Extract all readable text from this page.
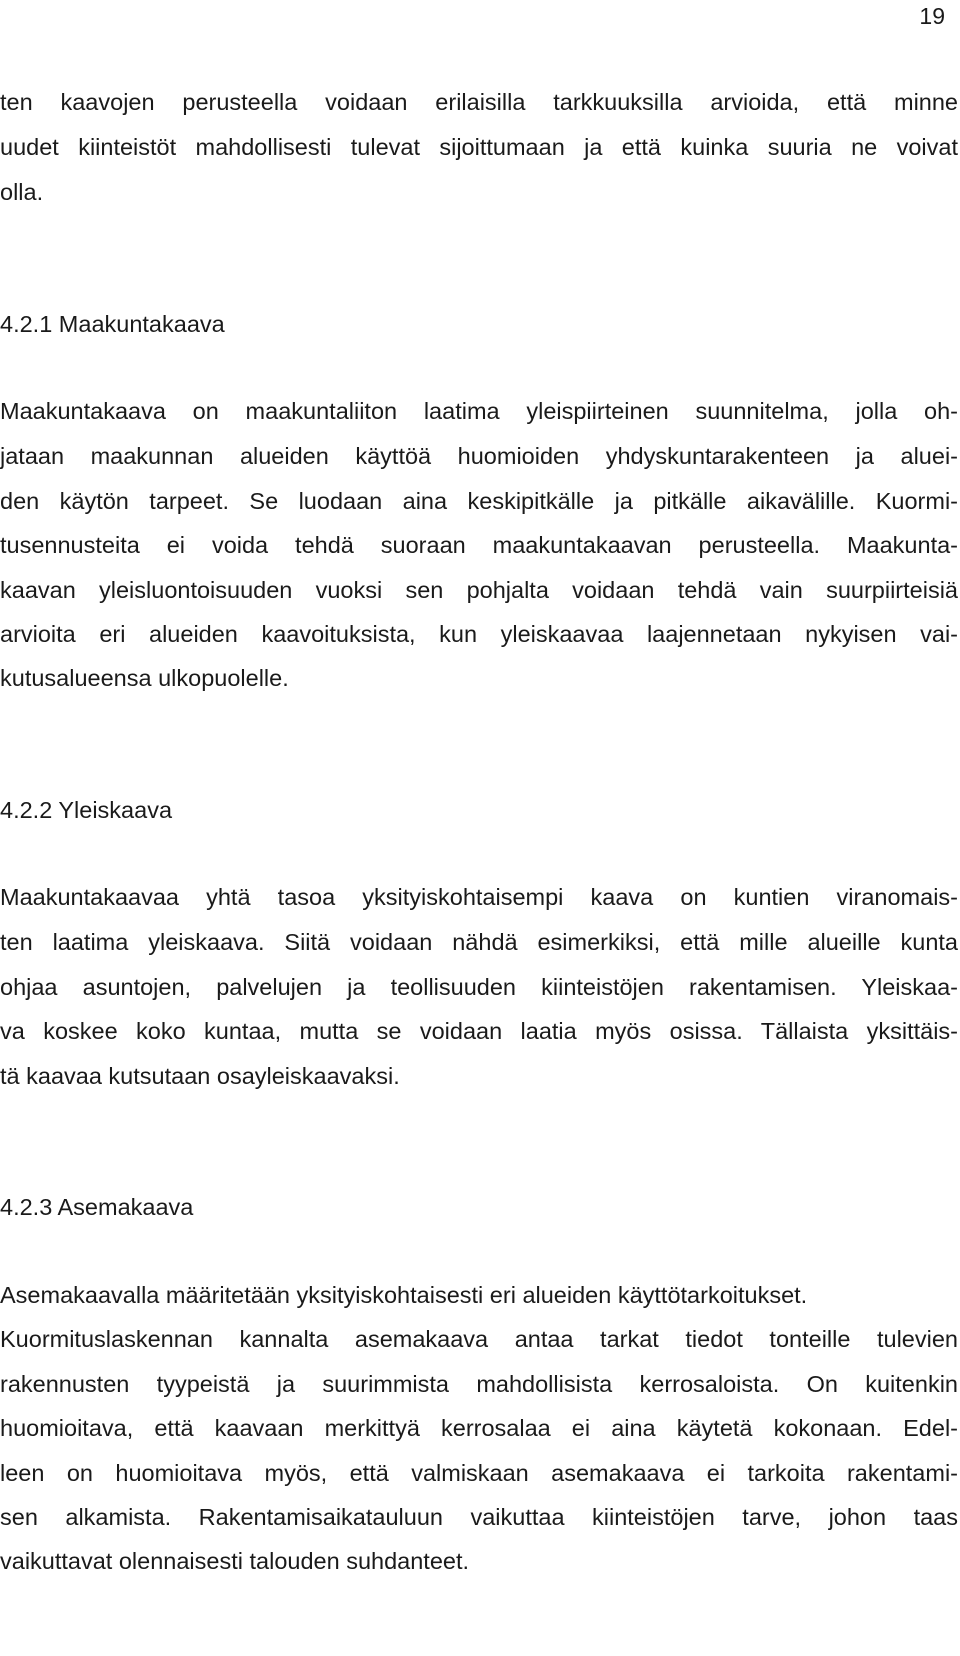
19
ten kaavojen perusteella voidaan erilaisilla tarkkuuksilla arvioida, että minne
uudet kiinteistöt mahdollisesti tulevat sijoittumaan ja että kuinka suuria ne voivat
olla.
4.2.1 Maakuntakaava
Maakuntakaava on maakuntaliiton laatima yleispiirteinen suunnitelma, jolla oh-
jataan maakunnan alueiden käyttöä huomioiden yhdyskuntarakenteen ja aluei-
den käytön tarpeet. Se luodaan aina keskipitkälle ja pitkälle aikavälille. Kuormi-
tusennusteita ei voida tehdä suoraan maakuntakaavan perusteella. Maakunta-
kaavan yleisluontoisuuden vuoksi sen pohjalta voidaan tehdä vain suurpiirteisiä
arvioita eri alueiden kaavoituksista, kun yleiskaavaa laajennetaan nykyisen vai-
kutusalueensa ulkopuolelle.
4.2.2 Yleiskaava
Maakuntakaavaa yhtä tasoa yksityiskohtaisempi kaava on kuntien viranomais-
ten laatima yleiskaava. Siitä voidaan nähdä esimerkiksi, että mille alueille kunta
ohjaa asuntojen, palvelujen ja teollisuuden kiinteistöjen rakentamisen. Yleiskaa-
va koskee koko kuntaa, mutta se voidaan laatia myös osissa. Tällaista yksittäis-
tä kaavaa kutsutaan osayleiskaavaksi.
4.2.3 Asemakaava
Asemakaavalla määritetään yksityiskohtaisesti eri alueiden käyttötarkoitukset.
Kuormituslaskennan kannalta asemakaava antaa tarkat tiedot tonteille tulevien
rakennusten tyypeistä ja suurimmista mahdollisista kerrosaloista. On kuitenkin
huomioitava, että kaavaan merkittyä kerrosalaa ei aina käytetä kokonaan. Edel-
leen on huomioitava myös, että valmiskaan asemakaava ei tarkoita rakentami-
sen alkamista. Rakentamisaikatauluun vaikuttaa kiinteistöjen tarve, johon taas
vaikuttavat olennaisesti talouden suhdanteet.
